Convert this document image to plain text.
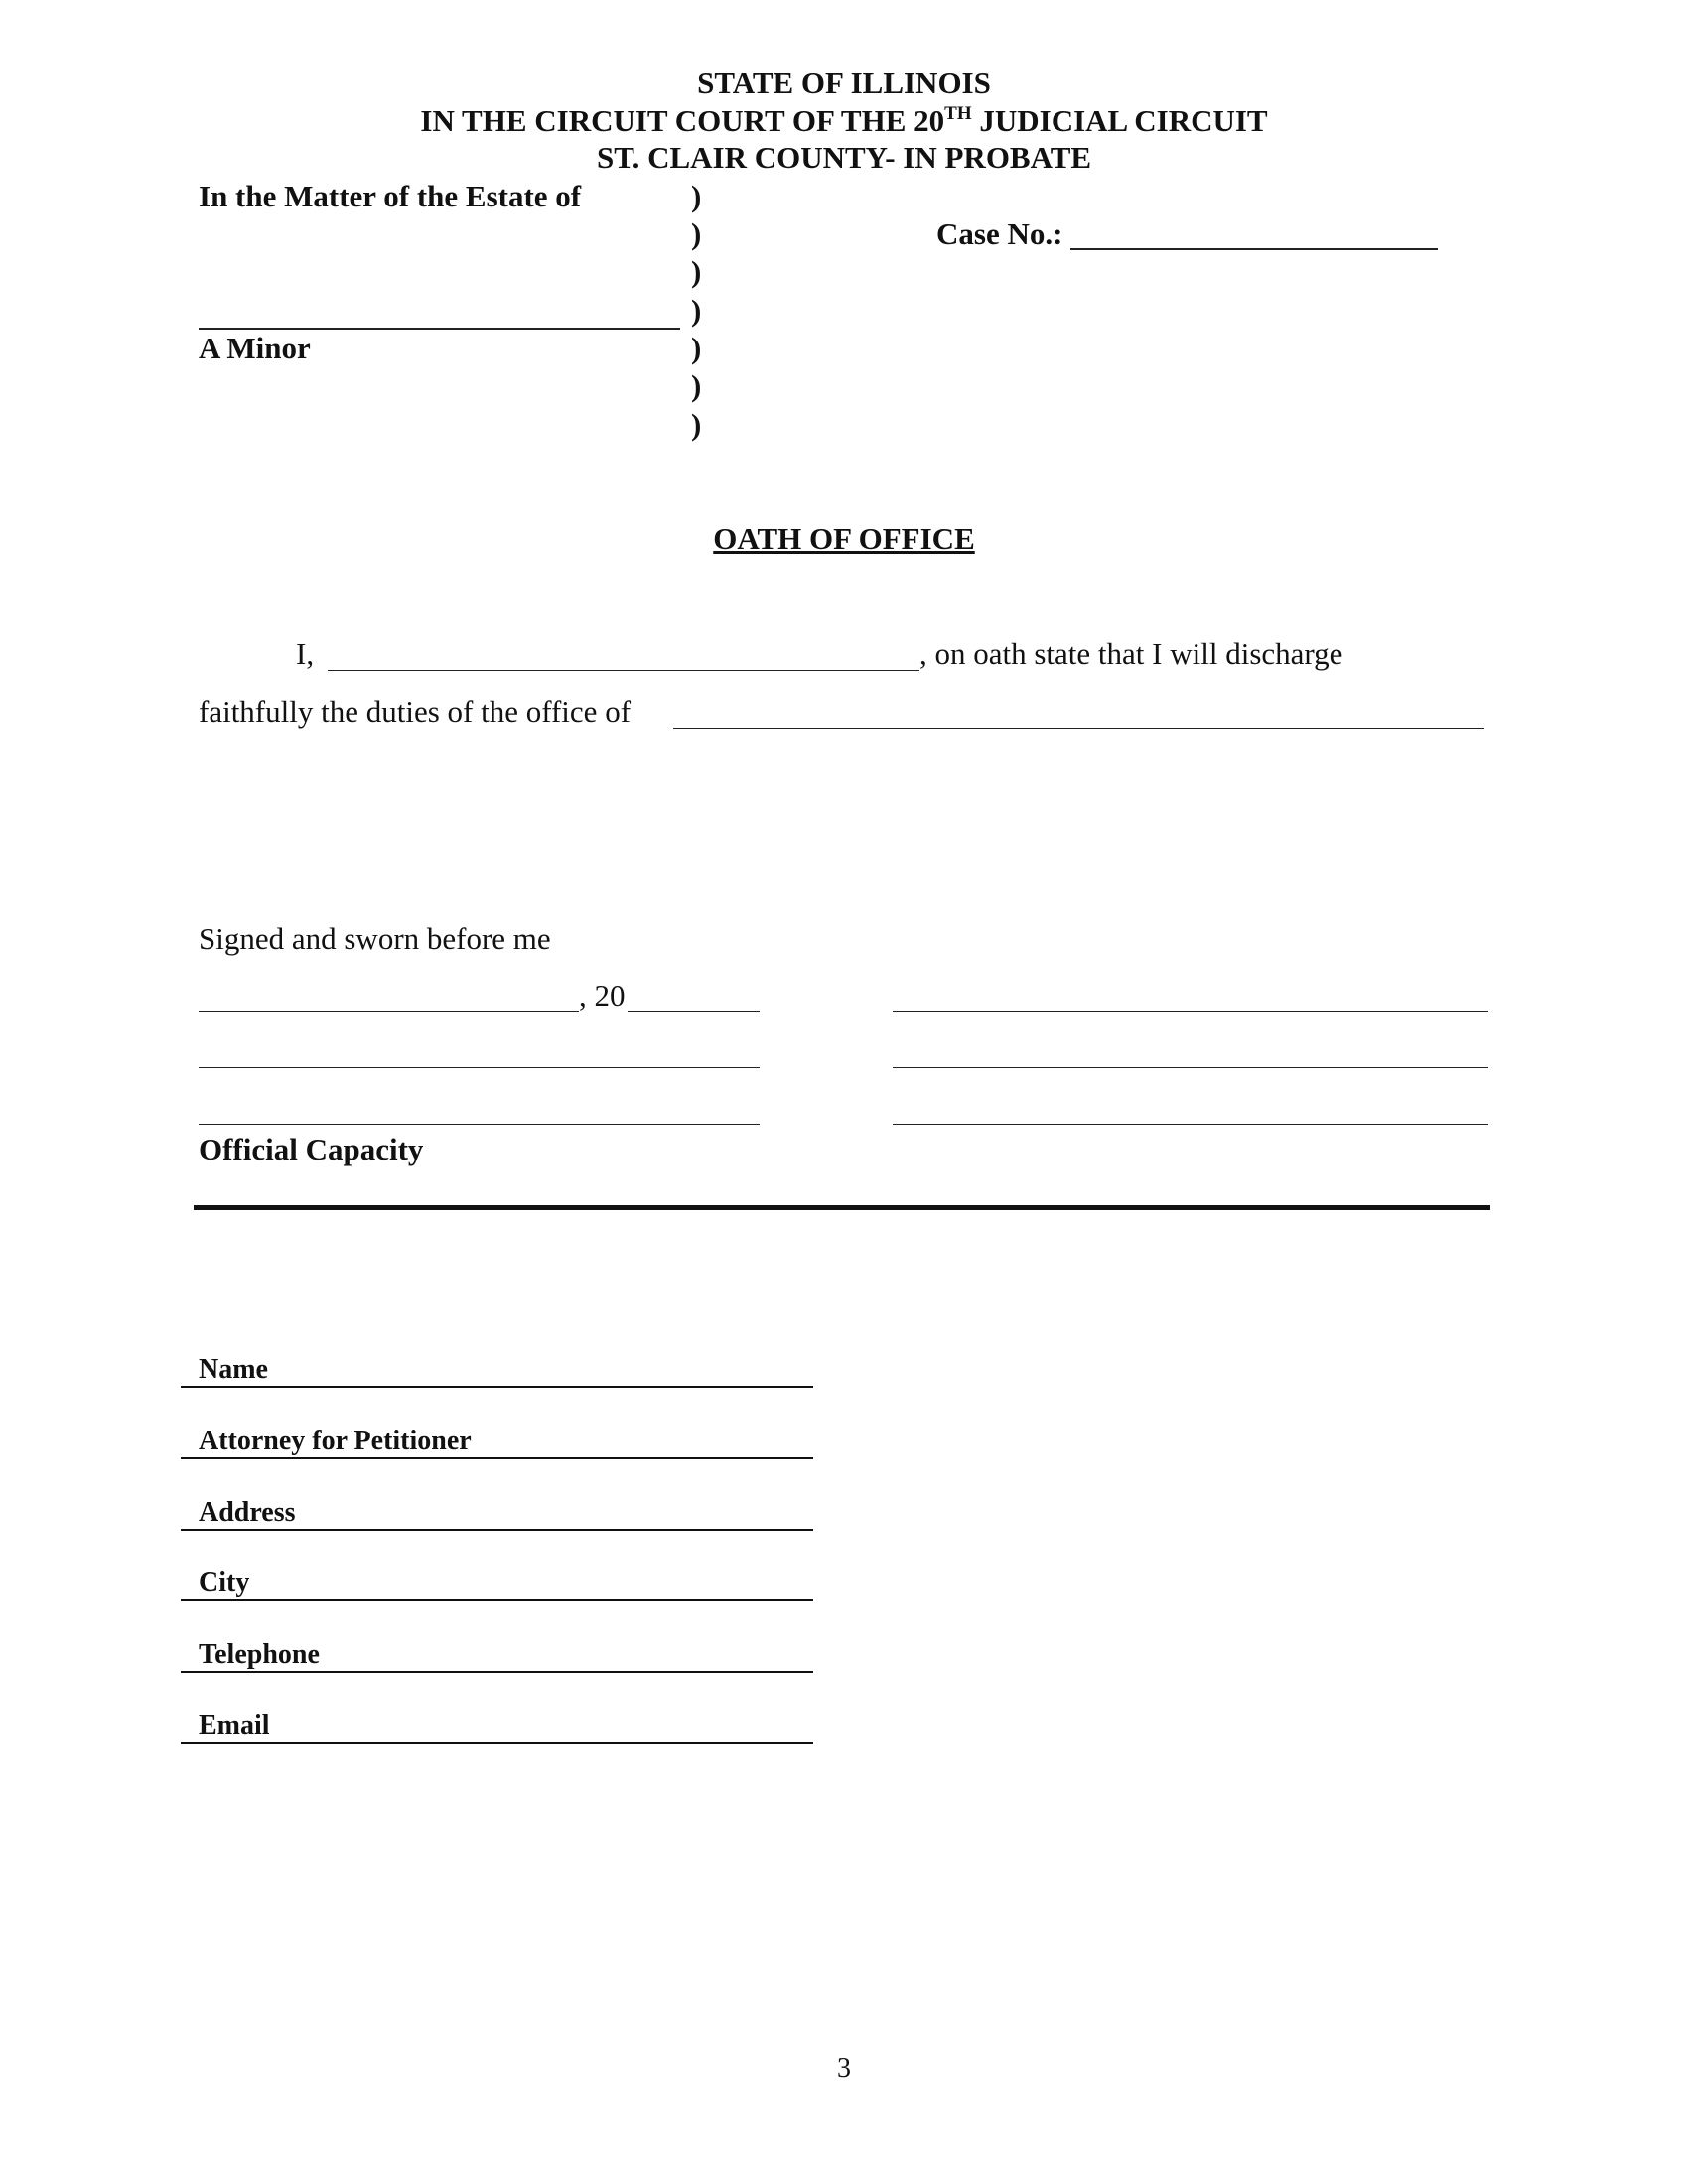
STATE OF ILLINOIS
IN THE CIRCUIT COURT OF THE 20TH JUDICIAL CIRCUIT
ST. CLAIR COUNTY- IN PROBATE
In the Matter of the Estate of
A Minor
)
)
)
)
)
)
)
Case No.:
OATH OF OFFICE
I,	, on oath state that I will discharge
faithfully the duties of the office of
Signed and sworn before me
, 20
Official Capacity
Name
Attorney for Petitioner
Address
City
Telephone
Email
3
